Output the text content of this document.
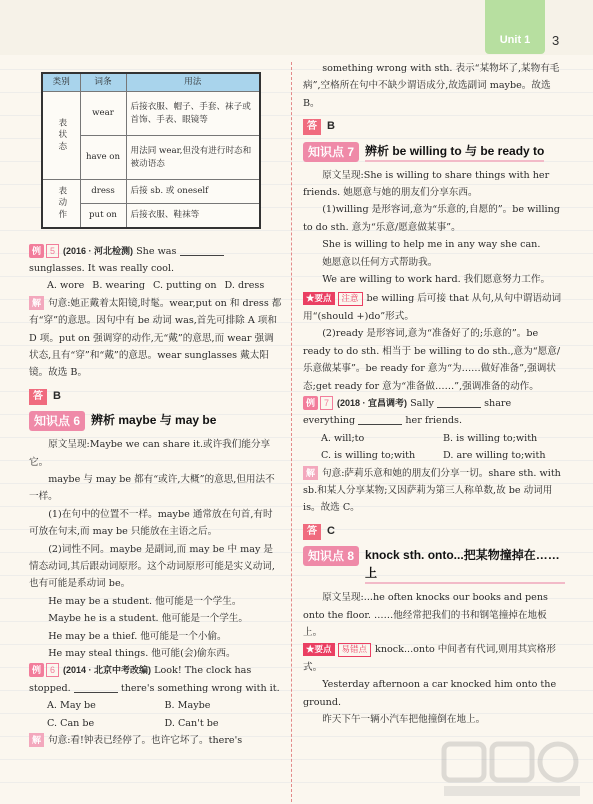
Unit 1	3
类别	词条	用法
表状态	wear	后接衣服、帽子、手套、袜子或首饰、手表、眼镜等
	have on	用法同 wear,但没有进行时态和被动语态
表动作	dress	后接 sb. 或 oneself
	put on	后接衣服、鞋袜等

例 5 (2016 · 河北检测) She was  sunglasses. It was really cool.

A. wore B. wearing C. putting on D. dress

解 句意:她正戴着太阳镜,时髦。wear,put on 和 dress 都有“穿”的意思。因句中有 be 动词 was,首先可排除 A 项和 D 项。put on 强调穿的动作,无“戴”的意思,而 wear 强调状态,且有“穿”和“戴”的意思。wear sunglasses 戴太阳镜。故选 B。

答 B

知识点 6 辨析 maybe 与 may be

原文呈现:Maybe we can share it.或许我们能分享它。

maybe 与 may be 都有“或许,大概”的意思,但用法不一样。

(1)在句中的位置不一样。maybe 通常放在句首,有时可放在句末,而 may be 只能放在主语之后。

(2)词性不同。maybe 是副词,而 may be 中 may 是情态动词,其后跟动词原形。这个动词原形可能是实义动词,也有可能是系动词 be。

He may be a student. 他可能是一个学生。

Maybe he is a student. 他可能是一个学生。

He may be a thief. 他可能是一个小偷。

He may steal things. 他可能(会)偷东西。

例 6 (2014 · 北京中考改编) Look! The clock has stopped.	there's something wrong with it.

A. May be	B. Maybe
C. Can be	D. Can't be

解 句意:看!钟表已经停了。也许它坏了。there's

something wrong with sth. 表示“某物坏了,某物有毛病”,空格所在句中不缺少谓语成分,故选副词 maybe。故选 B。

答 B

知识点 7 辨析 be willing to 与 be ready to

原文呈现:She is willing to share things with her friends. 她愿意与她的朋友们分享东西。

(1)willing 是形容词,意为“乐意的,自愿的”。be willing to do sth. 意为“乐意/愿意做某事”。

She is willing to help me in any way she can.

她愿意以任何方式帮助我。

We are willing to work hard. 我们愿意努力工作。

★要点 注意 be willing 后可接 that 从句,从句中谓语动词用“(should +)do”形式。

(2)ready 是形容词,意为“准备好了的;乐意的”。be ready to do sth. 相当于 be willing to do sth.,意为“愿意/乐意做某事”。be ready for 意为“为……做好准备”,强调状态;get ready for 意为“准备做……”,强调准备的动作。

例 7 (2018 · 宜昌调考) Sally	share everything	her friends.

A. will;to	B. is willing to;with
C. is willing to;with	D. are willing to;with

解 句意:萨莉乐意和她的朋友们分享一切。share sth. with sb.和某人分享某物;又因萨莉为第三人称单数,故 be 动词用 is。故选 C。

答 C

知识点 8 knock sth. onto...把某物撞掉在……上

原文呈现:...he often knocks our books and pens onto the floor. ……他经常把我们的书和钢笔撞掉在地板上。

★要点 易错点 knock...onto 中间者有代词,则用其宾格形式。

Yesterday afternoon a car knocked him onto the ground.

昨天下午一辆小汽车把他撞倒在地上。
